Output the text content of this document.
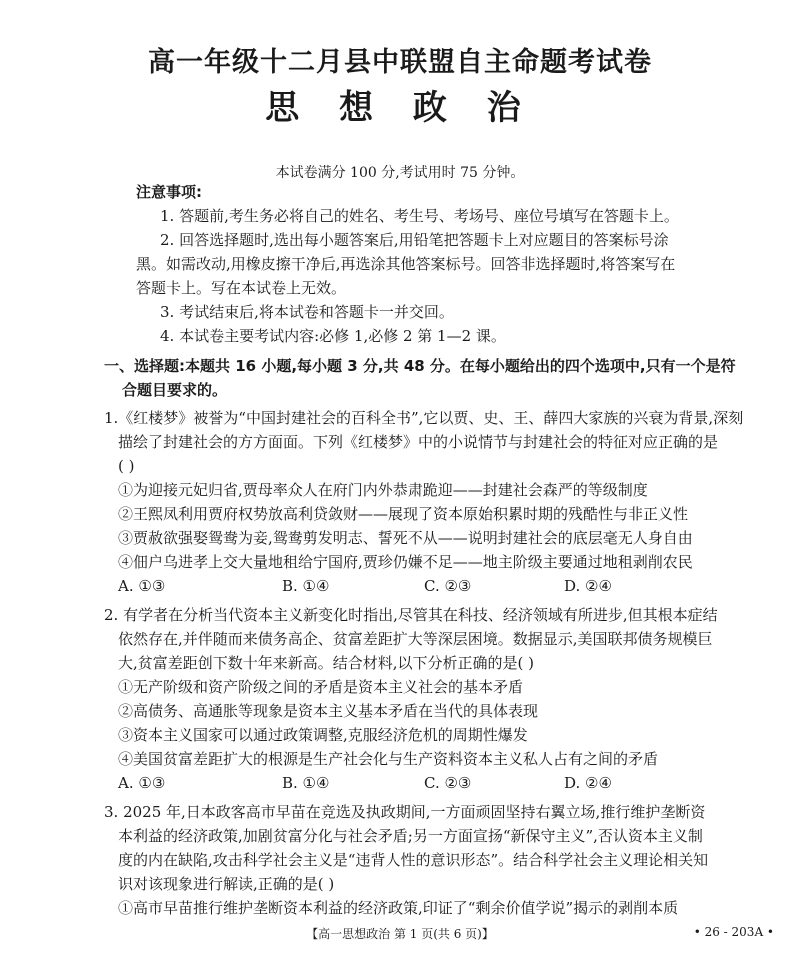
高一年级十二月县中联盟自主命题考试卷
思 想 政 治
本试卷满分 100 分,考试用时 75 分钟。
注意事项:
1. 答题前,考生务必将自己的姓名、考生号、考场号、座位号填写在答题卡上。
2. 回答选择题时,选出每小题答案后,用铅笔把答题卡上对应题目的答案标号涂
黑。如需改动,用橡皮擦干净后,再选涂其他答案标号。回答非选择题时,将答案写在
答题卡上。写在本试卷上无效。
3. 考试结束后,将本试卷和答题卡一并交回。
4. 本试卷主要考试内容:必修 1,必修 2 第 1—2 课。
一、选择题:本题共 16 小题,每小题 3 分,共 48 分。在每小题给出的四个选项中,只有一个是符
合题目要求的。
1.《红楼梦》被誉为“中国封建社会的百科全书”,它以贾、史、王、薛四大家族的兴衰为背景,深刻
描绘了封建社会的方方面面。下列《红楼梦》中的小说情节与封建社会的特征对应正确的是
( )
①为迎接元妃归省,贾母率众人在府门内外恭肃跪迎——封建社会森严的等级制度
②王熙凤利用贾府权势放高利贷敛财——展现了资本原始积累时期的残酷性与非正义性
③贾赦欲强娶鸳鸯为妾,鸳鸯剪发明志、誓死不从——说明封建社会的底层毫无人身自由
④佃户乌进孝上交大量地租给宁国府,贾珍仍嫌不足——地主阶级主要通过地租剥削农民
A. ①③	B. ①④	C. ②③	D. ②④
2. 有学者在分析当代资本主义新变化时指出,尽管其在科技、经济领域有所进步,但其根本症结
依然存在,并伴随而来债务高企、贫富差距扩大等深层困境。数据显示,美国联邦债务规模巨
大,贫富差距创下数十年来新高。结合材料,以下分析正确的是( )
①无产阶级和资产阶级之间的矛盾是资本主义社会的基本矛盾
②高债务、高通胀等现象是资本主义基本矛盾在当代的具体表现
③资本主义国家可以通过政策调整,克服经济危机的周期性爆发
④美国贫富差距扩大的根源是生产社会化与生产资料资本主义私人占有之间的矛盾
A. ①③	B. ①④	C. ②③	D. ②④
3. 2025 年,日本政客高市早苗在竞选及执政期间,一方面顽固坚持右翼立场,推行维护垄断资
本利益的经济政策,加剧贫富分化与社会矛盾;另一方面宣扬“新保守主义”,否认资本主义制
度的内在缺陷,攻击科学社会主义是“违背人性的意识形态”。结合科学社会主义理论相关知
识对该现象进行解读,正确的是( )
①高市早苗推行维护垄断资本利益的经济政策,印证了“剩余价值学说”揭示的剥削本质
【高一思想政治 第 1 页(共 6 页)】	• 26 - 203A •
